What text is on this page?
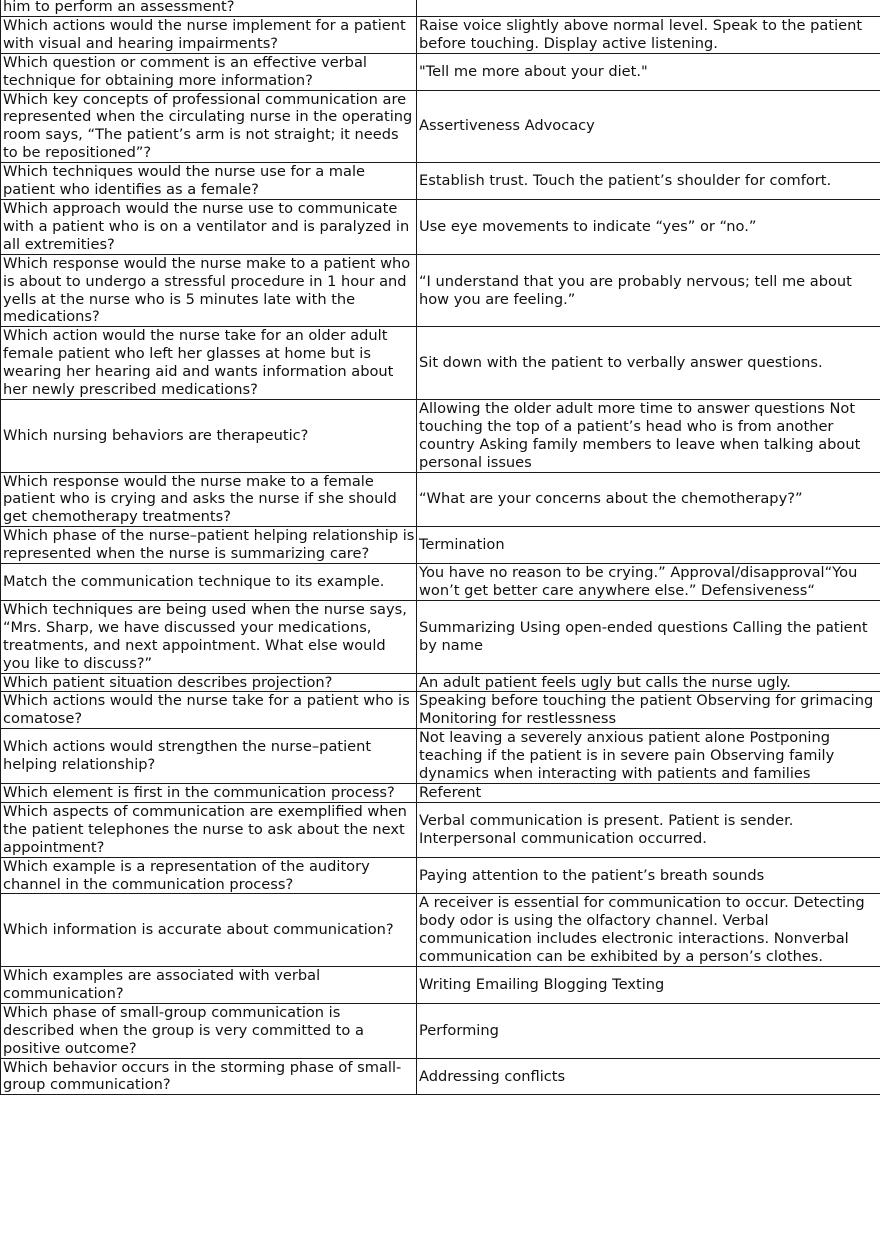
him to perform an assessment?	
Which actions would the nurse implement for a patient with visual and hearing impairments?	Raise voice slightly above normal level. Speak to the patient before touching. Display active listening.
Which question or comment is an effective verbal technique for obtaining more information?	"Tell me more about your diet."
Which key concepts of professional communication are represented when the circulating nurse in the operating room says, “The patient’s arm is not straight; it needs to be repositioned”?	Assertiveness Advocacy
Which techniques would the nurse use for a male patient who identifies as a female?	Establish trust. Touch the patient’s shoulder for comfort.
Which approach would the nurse use to communicate with a patient who is on a ventilator and is paralyzed in all extremities?	Use eye movements to indicate “yes” or “no.”
Which response would the nurse make to a patient who is about to undergo a stressful procedure in 1 hour and yells at the nurse who is 5 minutes late with the medications?	“I understand that you are probably nervous; tell me about how you are feeling.”
Which action would the nurse take for an older adult female patient who left her glasses at home but is wearing her hearing aid and wants information about her newly prescribed medications?	Sit down with the patient to verbally answer questions.
Which nursing behaviors are therapeutic?	Allowing the older adult more time to answer questions Not touching the top of a patient’s head who is from another country Asking family members to leave when talking about personal issues
Which response would the nurse make to a female patient who is crying and asks the nurse if she should get chemotherapy treatments?	“What are your concerns about the chemotherapy?”
Which phase of the nurse–patient helping relationship is represented when the nurse is summarizing care?	Termination
Match the communication technique to its example.	You have no reason to be crying.” Approval/disapproval“You won’t get better care anywhere else.” Defensiveness“
Which techniques are being used when the nurse says, “Mrs. Sharp, we have discussed your medications, treatments, and next appointment. What else would you like to discuss?”	Summarizing Using open-ended questions Calling the patient by name
Which patient situation describes projection?	An adult patient feels ugly but calls the nurse ugly.
Which actions would the nurse take for a patient who is comatose?	Speaking before touching the patient Observing for grimacing Monitoring for restlessness
Which actions would strengthen the nurse–patient helping relationship?	Not leaving a severely anxious patient alone Postponing teaching if the patient is in severe pain Observing family dynamics when interacting with patients and families
Which element is first in the communication process?	Referent
Which aspects of communication are exemplified when the patient telephones the nurse to ask about the next appointment?	Verbal communication is present. Patient is sender. Interpersonal communication occurred.
Which example is a representation of the auditory channel in the communication process?	Paying attention to the patient’s breath sounds
Which information is accurate about communication?	A receiver is essential for communication to occur. Detecting body odor is using the olfactory channel. Verbal communication includes electronic interactions. Nonverbal communication can be exhibited by a person’s clothes.
Which examples are associated with verbal communication?	Writing Emailing Blogging Texting
Which phase of small-group communication is described when the group is very committed to a positive outcome?	Performing
Which behavior occurs in the storming phase of small-group communication?	Addressing conflicts
